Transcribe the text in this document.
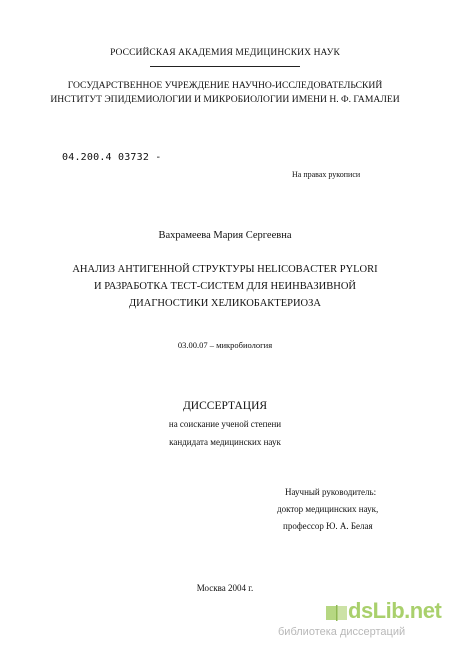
РОССИЙСКАЯ АКАДЕМИЯ МЕДИЦИНСКИХ НАУК
ГОСУДАРСТВЕННОЕ УЧРЕЖДЕНИЕ НАУЧНО-ИССЛЕДОВАТЕЛЬСКИЙ
ИНСТИТУТ ЭПИДЕМИОЛОГИИ И МИКРОБИОЛОГИИ ИМЕНИ Н. Ф. ГАМАЛЕИ
04.200.4 03732 -
На правах рукописи
Вахрамеева Мария Сергеевна
АНАЛИЗ АНТИГЕННОЙ СТРУКТУРЫ HELICOBACTER PYLORI
И РАЗРАБОТКА ТЕСТ-СИСТЕМ ДЛЯ НЕИНВАЗИВНОЙ
ДИАГНОСТИКИ ХЕЛИКОБАКТЕРИОЗА
03.00.07 – микробиология
ДИССЕРТАЦИЯ
на соискание ученой степени
кандидата медицинских наук
Научный руководитель:
доктор медицинских наук,
профессор Ю. А. Белая
Москва 2004 г.
dsLib.net
библиотека диссертаций
